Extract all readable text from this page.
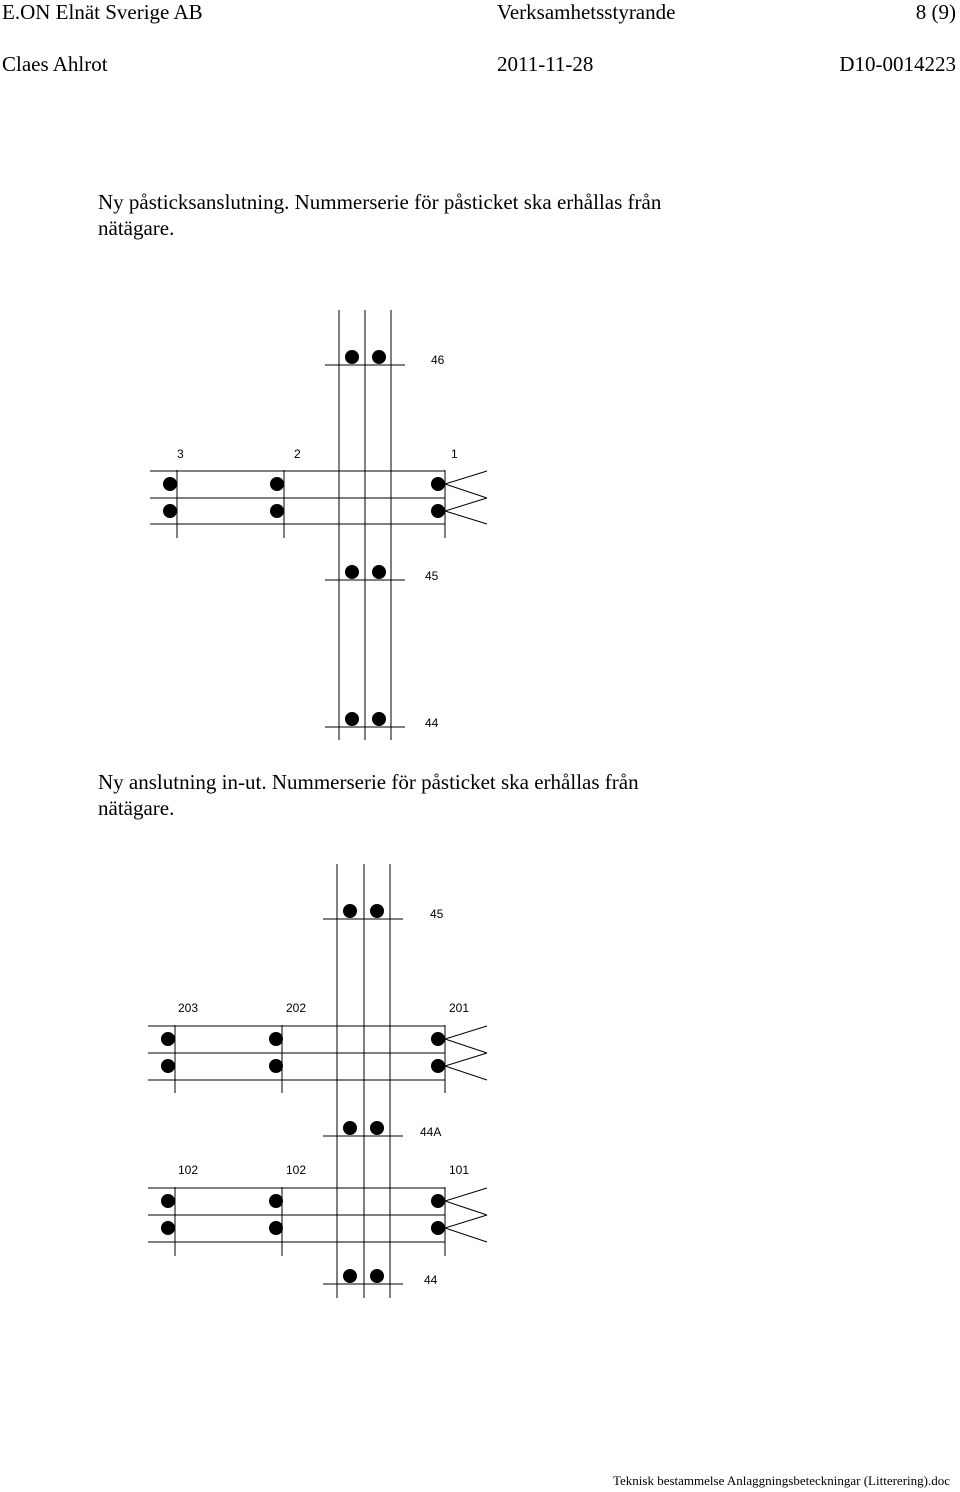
E.ON Elnät Sverige AB	Verksamhetsstyrande	8 (9)
Claes Ahlrot	2011-11-28	D10-0014223
Ny påsticksanslutning. Nummerserie för påsticket ska erhållas från
nätägare.
46
3	2	1
45
44
Ny anslutning in-ut. Nummerserie för påsticket ska erhållas från
nätägare.
45
203	202	201
44A
102	102	101
44
Teknisk bestammelse Anlaggningsbeteckningar (Litterering).doc
